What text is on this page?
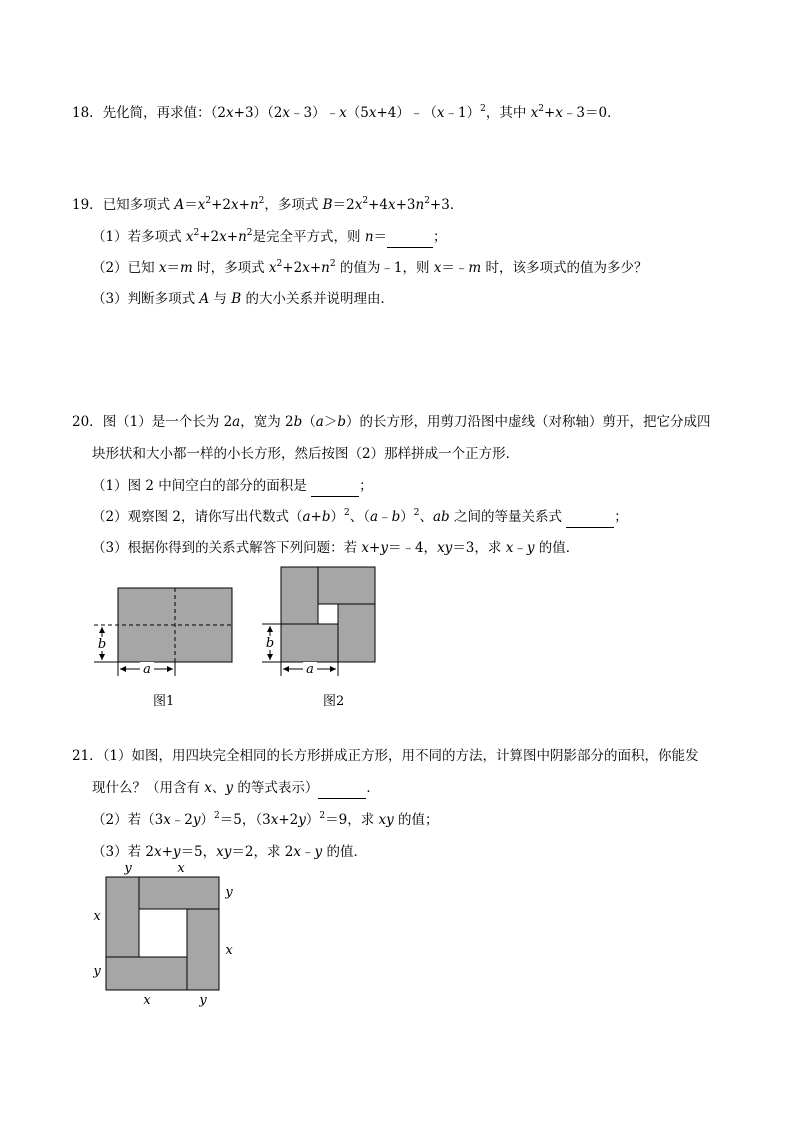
18．先化简，再求值：（2x+3）（2x﹣3）﹣x（5x+4）﹣（x﹣1）$^2$，其中 $x^2+x﹣3=0$．
19．已知多项式 $A=x^2+2x+n^2$，多项式 $B=2x^2+4x+3n^2+3$．
（1）若多项式 $x^2+2x+n^2$是完全平方式，则 n＝	；
（2）已知 x＝m 时，多项式 $x^2+2x+n^2$ 的值为﹣1，则 x＝﹣m 时，该多项式的值为多少？
（3）判断多项式 A 与 B 的大小关系并说明理由．
20．图（1）是一个长为 2a，宽为 2b（a＞b）的长方形，用剪刀沿图中虚线（对称轴）剪开，把它分成四
块形状和大小都一样的小长方形，然后按图（2）那样拼成一个正方形．
（1）图 2 中间空白的部分的面积是	；
（2）观察图 2，请你写出代数式$(a+b)^2$、（a﹣b）$^2$、ab 之间的等量关系式	；
（3）根据你得到的关系式解答下列问题：若 x+y＝﹣4，xy＝3，求 x﹣y 的值．
a
b
图1
a
b
图2
21．（1）如图，用四块完全相同的长方形拼成正方形，用不同的方法，计算图中阴影部分的面积，你能发
现什么？（用含有 x、y 的等式表示）	．
（2）若（3x﹣2y）$^2$＝5，$(3x+2y)^2=9$，求 xy 的值；
（3）若 2x+y＝5，xy＝2，求 2x﹣y 的值．
y	x
y
x
x
y
x	y
